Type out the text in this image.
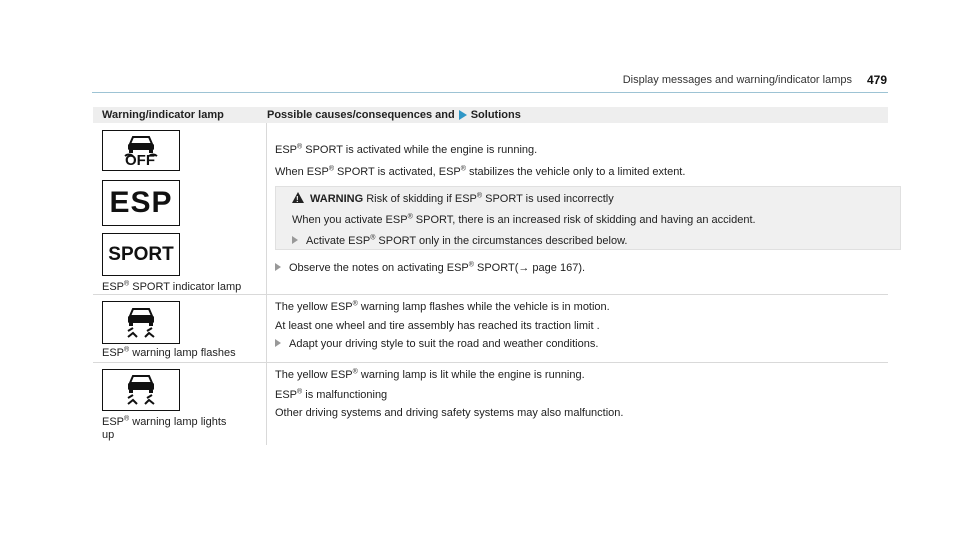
Display messages and warning/indicator lamps 479
Warning/indicator lamp	Possible causes/consequences and Solutions
OFF
ESP
SPORT

ESP® SPORT indicator lamp

ESP® SPORT is activated while the engine is running.

When ESP® SPORT is activated, ESP® stabilizes the vehicle only to a limited extent.

!WARNING Risk of skidding if ESP® SPORT is used incorrectly

When you activate ESP® SPORT, there is an increased risk of skidding and having an accident.

Activate ESP® SPORT only in the circumstances described below.

Observe the notes on activating ESP® SPORT(→ page 167).

ESP® warning lamp flashes

The yellow ESP® warning lamp flashes while the vehicle is in motion.

At least one wheel and tire assembly has reached its traction limit .

Adapt your driving style to suit the road and weather conditions.

ESP® warning lamp lights

up

The yellow ESP® warning lamp is lit while the engine is running.

ESP® is malfunctioning

Other driving systems and driving safety systems may also malfunction.
